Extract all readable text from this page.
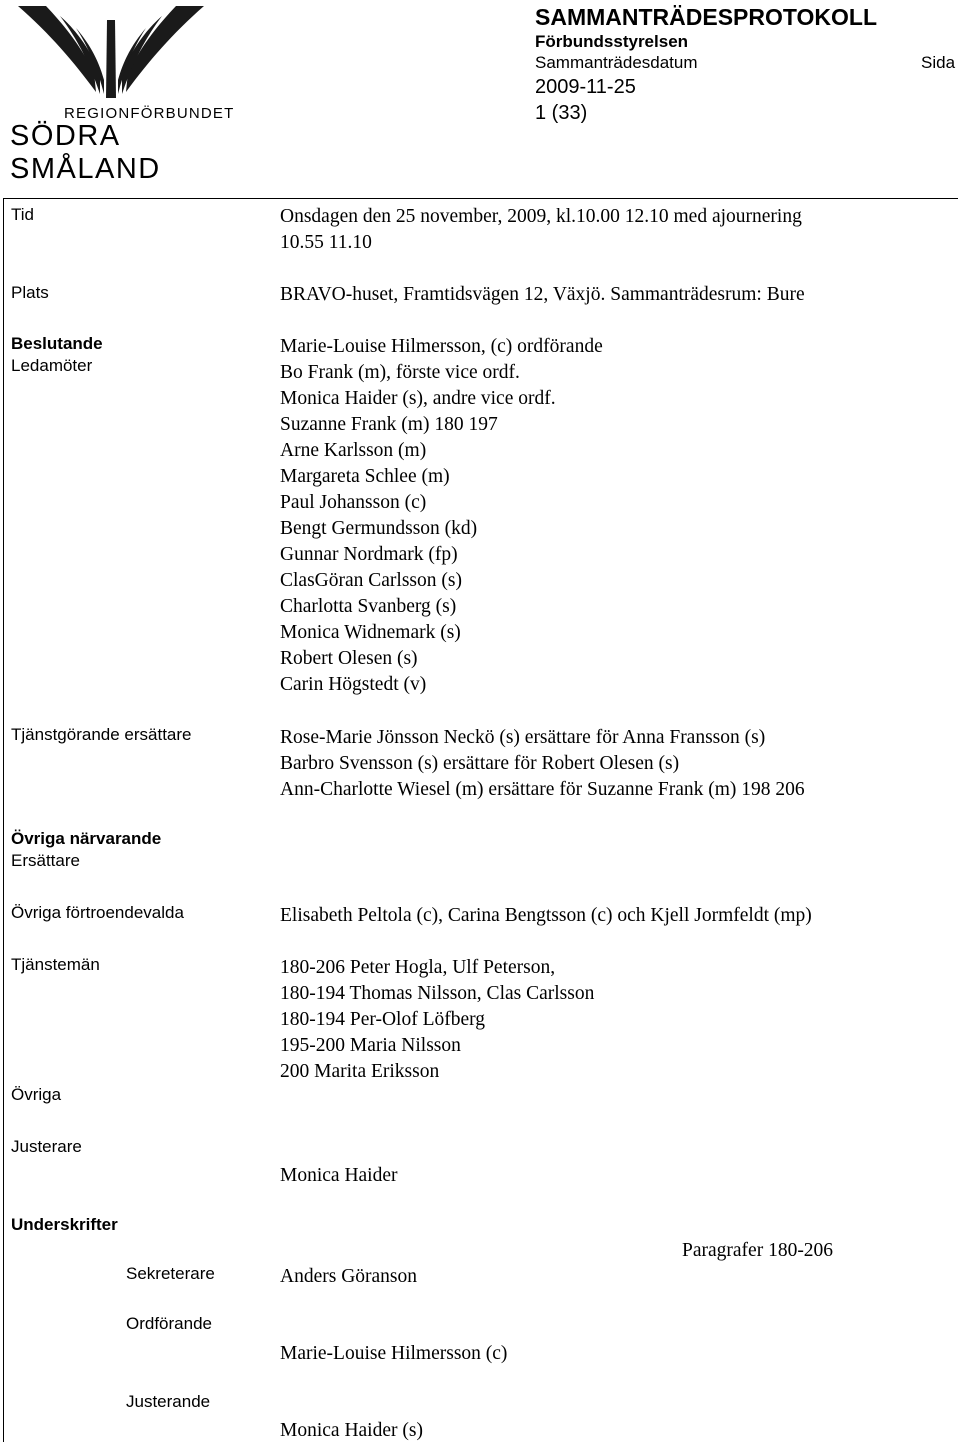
REGIONFÖRBUNDET
SÖDRA SMÅLAND
SAMMANTRÄDESPROTOKOLL
Förbundsstyrelsen
Sammanträdesdatum	Sida
2009-11-25
1 (33)
Tid
Plats
Beslutande
Ledamöter
Tjänstgörande ersättare
Övriga närvarande
Ersättare
Övriga förtroendevalda
Tjänstemän
Övriga
Justerare
Underskrifter
Sekreterare
Ordförande
Justerande
Onsdagen den 25 november, 2009, kl.10.00 12.10 med ajournering
10.55 11.10
BRAVO-huset, Framtidsvägen 12, Växjö. Sammanträdesrum: Bure
Marie-Louise Hilmersson, (c) ordförande
Bo Frank (m), förste vice ordf.
Monica Haider (s), andre vice ordf.
Suzanne Frank (m) 180 197
Arne Karlsson (m)
Margareta Schlee (m)
Paul Johansson (c)
Bengt Germundsson (kd)
Gunnar Nordmark (fp)
ClasGöran Carlsson (s)
Charlotta Svanberg (s)
Monica Widnemark (s)
Robert Olesen (s)
Carin Högstedt (v)
Rose-Marie Jönsson Neckö (s) ersättare för Anna Fransson (s)
Barbro Svensson (s) ersättare för Robert Olesen (s)
Ann-Charlotte Wiesel (m) ersättare för Suzanne Frank (m) 198 206
Elisabeth Peltola (c), Carina Bengtsson (c) och Kjell Jormfeldt (mp)
180-206 Peter Hogla, Ulf Peterson,
180-194 Thomas Nilsson, Clas Carlsson
180-194 Per-Olof Löfberg
195-200 Maria Nilsson
200 Marita Eriksson
Monica Haider
Paragrafer 180-206
Anders Göranson
Marie-Louise Hilmersson (c)
Monica Haider (s)
